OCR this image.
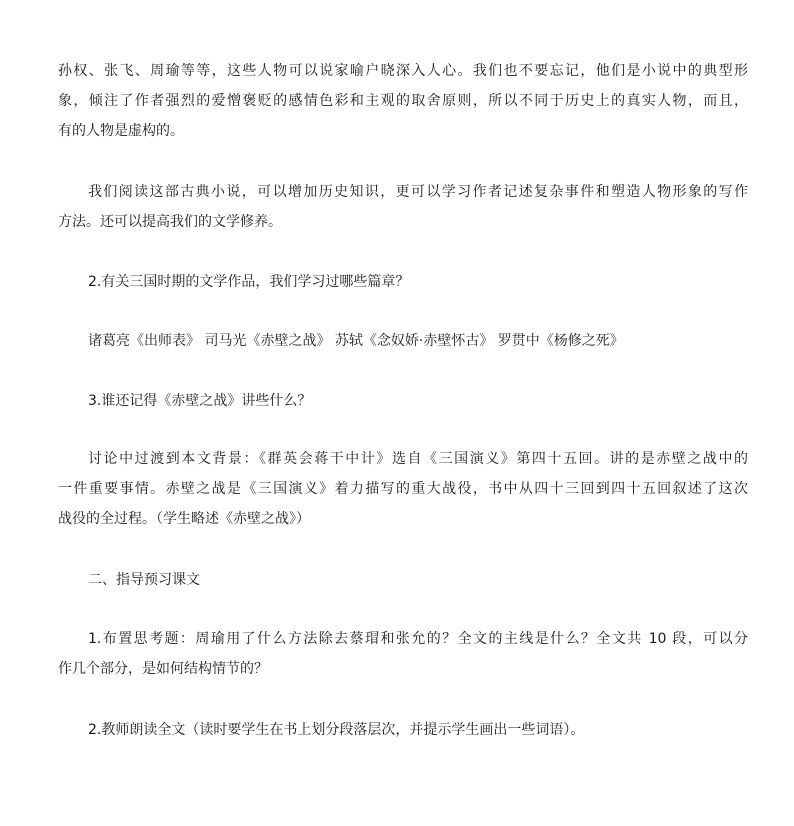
孙权、张飞、周瑜等等，这些人物可以说家喻户晓深入人心。我们也不要忘记，他们是小说中的典型形
象，倾注了作者强烈的爱憎褒贬的感情色彩和主观的取舍原则，所以不同于历史上的真实人物，而且，
有的人物是虚构的。

我们阅读这部古典小说，可以增加历史知识，更可以学习作者记述复杂事件和塑造人物形象的写作
方法。还可以提高我们的文学修养。

2.有关三国时期的文学作品，我们学习过哪些篇章？

诸葛亮《出师表》 司马光《赤壁之战》 苏轼《念奴娇·赤壁怀古》 罗贯中《杨修之死》

3.谁还记得《赤壁之战》讲些什么？

讨论中过渡到本文背景：《群英会蒋干中计》选自《三国演义》第四十五回。讲的是赤壁之战中的
一件重要事情。赤壁之战是《三国演义》着力描写的重大战役，书中从四十三回到四十五回叙述了这次
战役的全过程。（学生略述《赤壁之战》）

二、指导预习课文

1.布置思考题：周瑜用了什么方法除去蔡瑁和张允的？全文的主线是什么？全文共 10 段，可以分
作几个部分，是如何结构情节的？

2.教师朗读全文（读时要学生在书上划分段落层次，并提示学生画出一些词语）。
